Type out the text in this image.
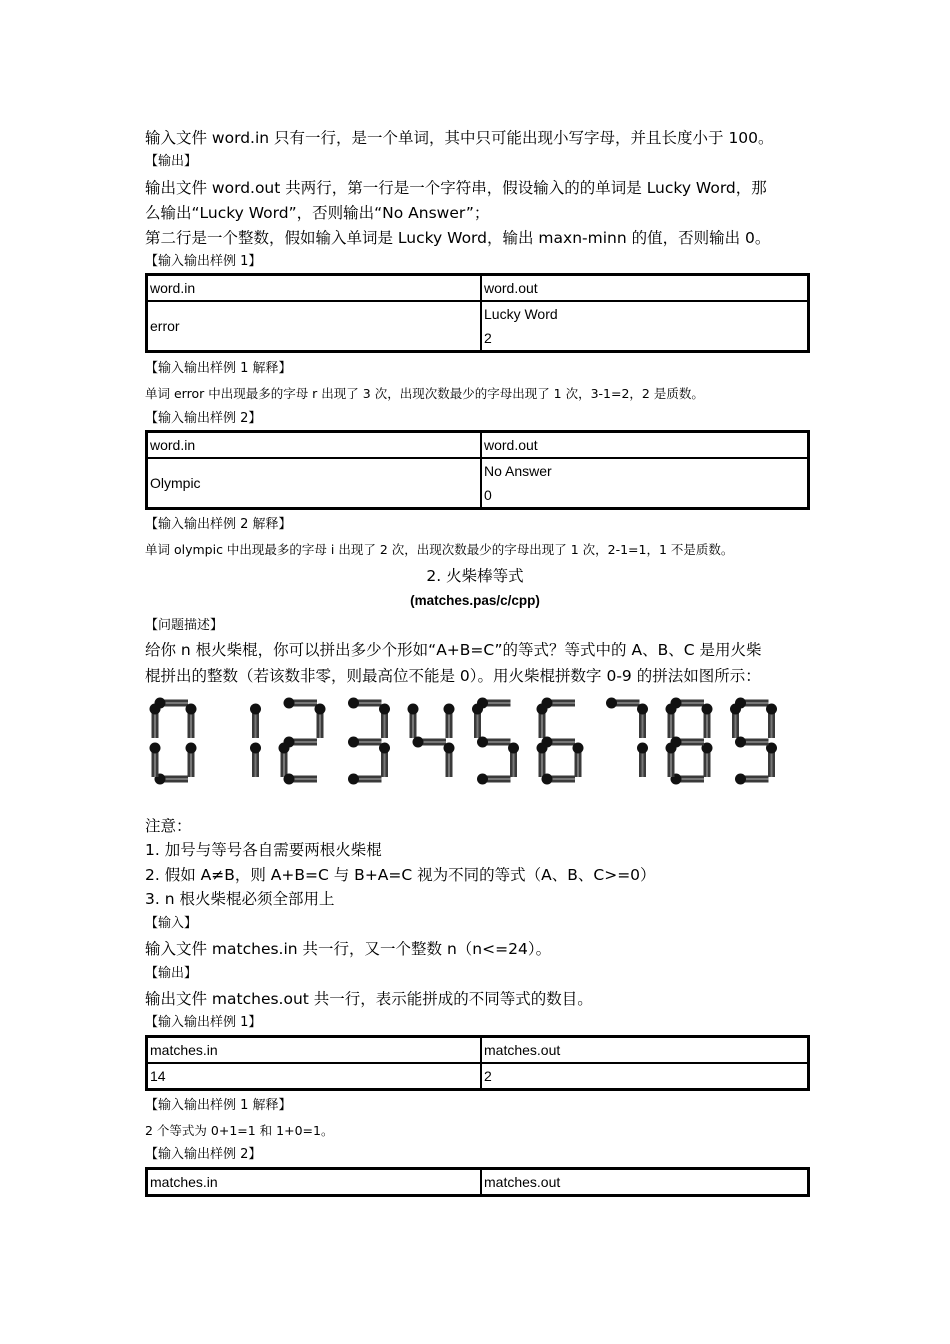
输入文件 word.in 只有一行，是一个单词，其中只可能出现小写字母，并且长度小于 100。
【输出】
输出文件 word.out 共两行，第一行是一个字符串，假设输入的的单词是 Lucky Word，那
么输出“Lucky Word”，否则输出“No Answer”；
第二行是一个整数，假如输入单词是 Lucky Word，输出 maxn-minn 的值，否则输出 0。
【输入输出样例 1】
word.in	word.out
error	Lucky Word
2
【输入输出样例 1 解释】
单词 error 中出现最多的字母 r 出现了 3 次，出现次数最少的字母出现了 1 次，3-1=2，2 是质数。
【输入输出样例 2】
word.in	word.out
Olympic	No Answer
0
【输入输出样例 2 解释】
单词 olympic 中出现最多的字母 i 出现了 2 次，出现次数最少的字母出现了 1 次，2-1=1，1 不是质数。
2. 火柴棒等式
(matches.pas/c/cpp)
【问题描述】
给你 n 根火柴棍，你可以拼出多少个形如“A+B=C”的等式？等式中的 A、B、C 是用火柴
棍拼出的整数（若该数非零，则最高位不能是 0）。用火柴棍拼数字 0-9 的拼法如图所示：
注意：
1. 加号与等号各自需要两根火柴棍
2. 假如 A≠B，则 A+B=C 与 B+A=C 视为不同的等式（A、B、C>=0）
3. n 根火柴棍必须全部用上
【输入】
输入文件 matches.in 共一行，又一个整数 n（n<=24）。
【输出】
输出文件 matches.out 共一行，表示能拼成的不同等式的数目。
【输入输出样例 1】
matches.in	matches.out
14	2
【输入输出样例 1 解释】
2 个等式为 0+1=1 和 1+0=1。
【输入输出样例 2】
matches.in	matches.out
